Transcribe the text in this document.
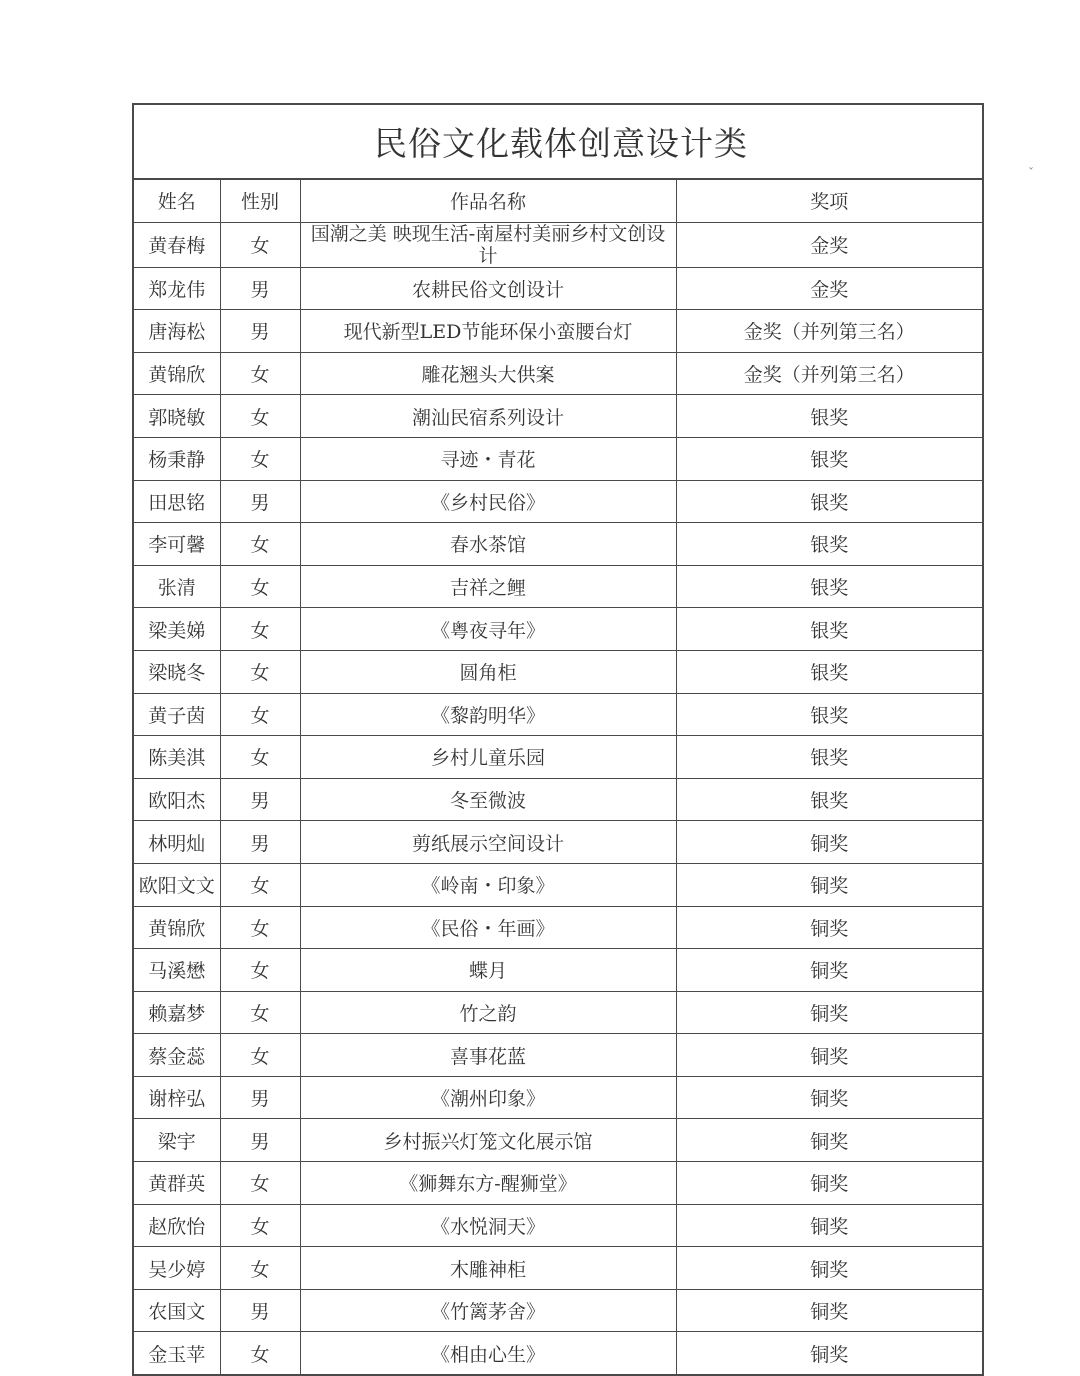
ˇ
民俗文化载体创意设计类
姓名	性别	作品名称	奖项
黄春梅	女	国潮之美 映现生活-南屋村美丽乡村文创设计	金奖
郑龙伟	男	农耕民俗文创设计	金奖
唐海松	男	现代新型LED节能环保小蛮腰台灯	金奖（并列第三名）
黄锦欣	女	雕花翘头大供案	金奖（并列第三名）
郭晓敏	女	潮汕民宿系列设计	银奖
杨秉静	女	寻迹・青花	银奖
田思铭	男	《乡村民俗》	银奖
李可馨	女	春水茶馆	银奖
张清	女	吉祥之鲤	银奖
梁美娣	女	《粤夜寻年》	银奖
梁晓冬	女	圆角柜	银奖
黄子茵	女	《黎韵明华》	银奖
陈美淇	女	乡村儿童乐园	银奖
欧阳杰	男	冬至微波	银奖
林明灿	男	剪纸展示空间设计	铜奖
欧阳文文	女	《岭南・印象》	铜奖
黄锦欣	女	《民俗・年画》	铜奖
马溪懋	女	蝶月	铜奖
赖嘉梦	女	竹之韵	铜奖
蔡金蕊	女	喜事花蓝	铜奖
谢梓弘	男	《潮州印象》	铜奖
梁宇	男	乡村振兴灯笼文化展示馆	铜奖
黄群英	女	《狮舞东方-醒狮堂》	铜奖
赵欣怡	女	《水悦洞天》	铜奖
吴少婷	女	木雕神柜	铜奖
农国文	男	《竹篱茅舍》	铜奖
金玉苹	女	《相由心生》	铜奖
